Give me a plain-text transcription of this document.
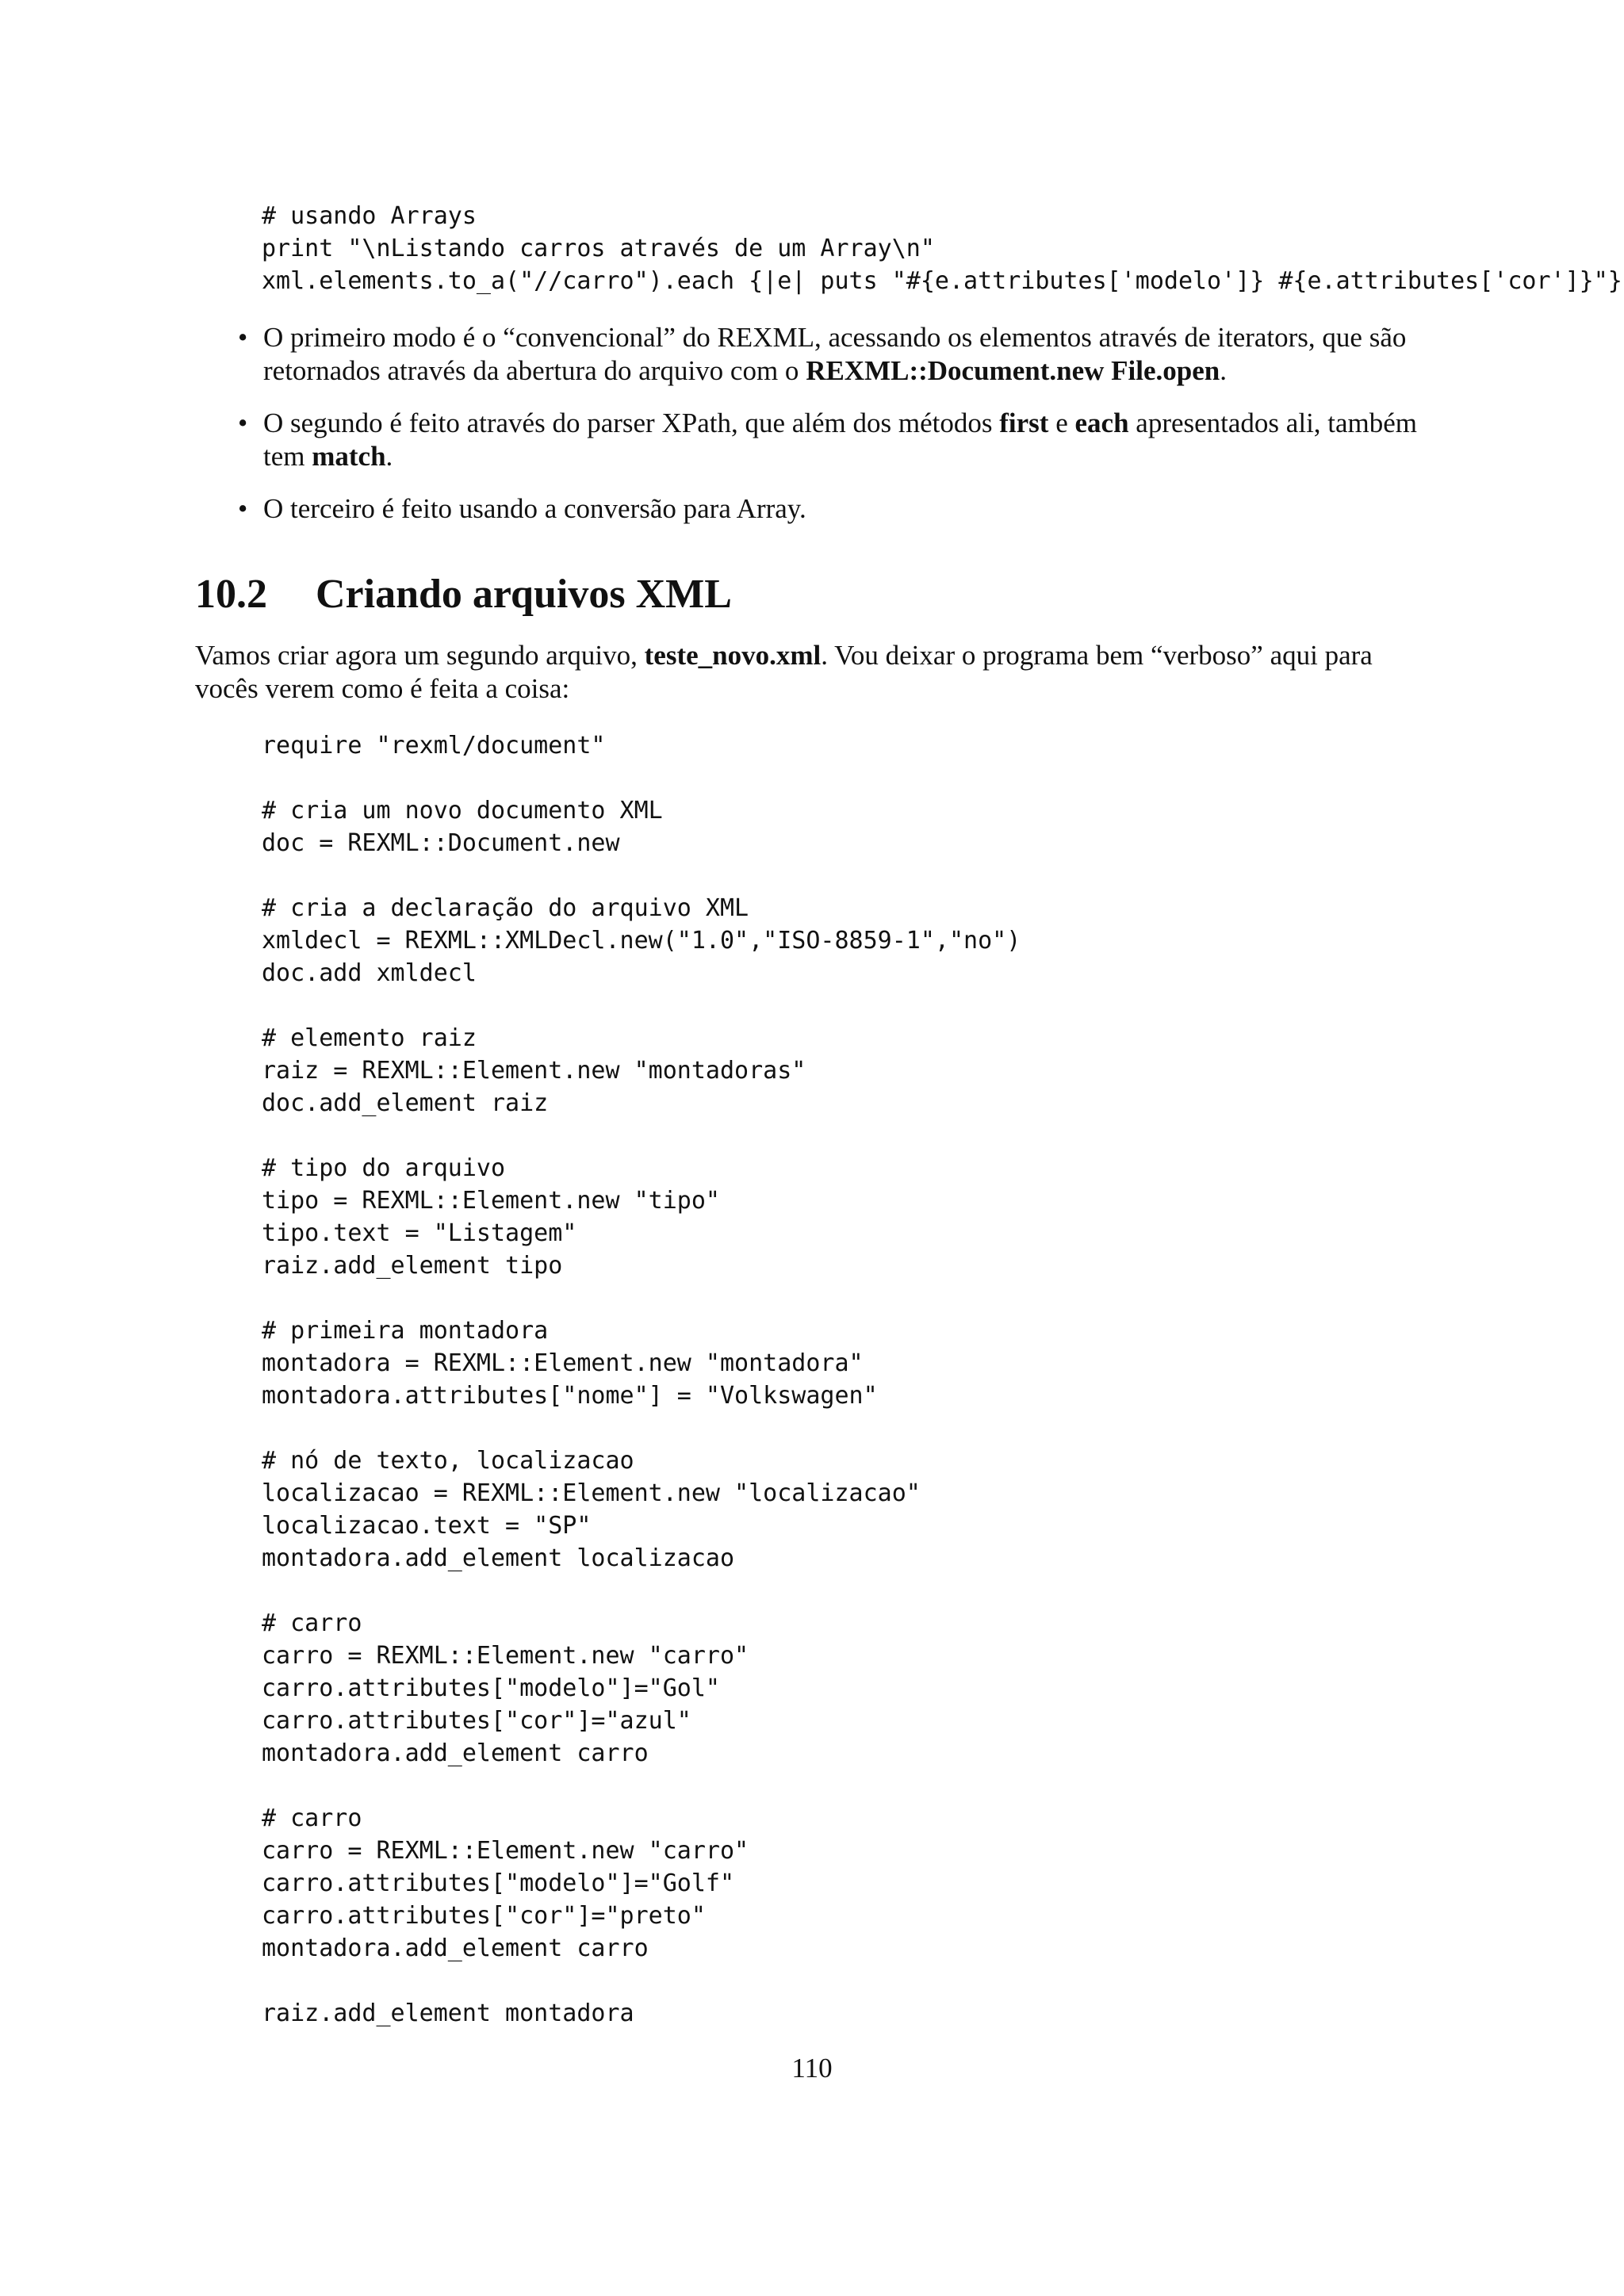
# usando Arrays
print "\nListando carros através de um Array\n"
xml.elements.to_a("//carro").each {|e| puts "#{e.attributes['modelo']} #{e.attributes['cor']}"}
• O primeiro modo é o “convencional” do REXML, acessando os elementos através de iterators, que são retornados através da abertura do arquivo com o REXML::Document.new File.open.
• O segundo é feito através do parser XPath, que além dos métodos first e each apresentados ali, também tem match.
• O terceiro é feito usando a conversão para Array.
10.2 Criando arquivos XML

Vamos criar agora um segundo arquivo, teste_novo.xml. Vou deixar o programa bem “verboso” aqui para vocês verem como é feita a coisa:

require "rexml/document"

# cria um novo documento XML
doc = REXML::Document.new

# cria a declaração do arquivo XML
xmldecl = REXML::XMLDecl.new("1.0","ISO-8859-1","no")
doc.add xmldecl

# elemento raiz
raiz = REXML::Element.new "montadoras"
doc.add_element raiz

# tipo do arquivo
tipo = REXML::Element.new "tipo"
tipo.text = "Listagem"
raiz.add_element tipo

# primeira montadora
montadora = REXML::Element.new "montadora"
montadora.attributes["nome"] = "Volkswagen"

# nó de texto, localizacao
localizacao = REXML::Element.new "localizacao"
localizacao.text = "SP"
montadora.add_element localizacao

# carro
carro = REXML::Element.new "carro"
carro.attributes["modelo"]="Gol"
carro.attributes["cor"]="azul"
montadora.add_element carro

# carro
carro = REXML::Element.new "carro"
carro.attributes["modelo"]="Golf"
carro.attributes["cor"]="preto"
montadora.add_element carro

raiz.add_element montadora
110
